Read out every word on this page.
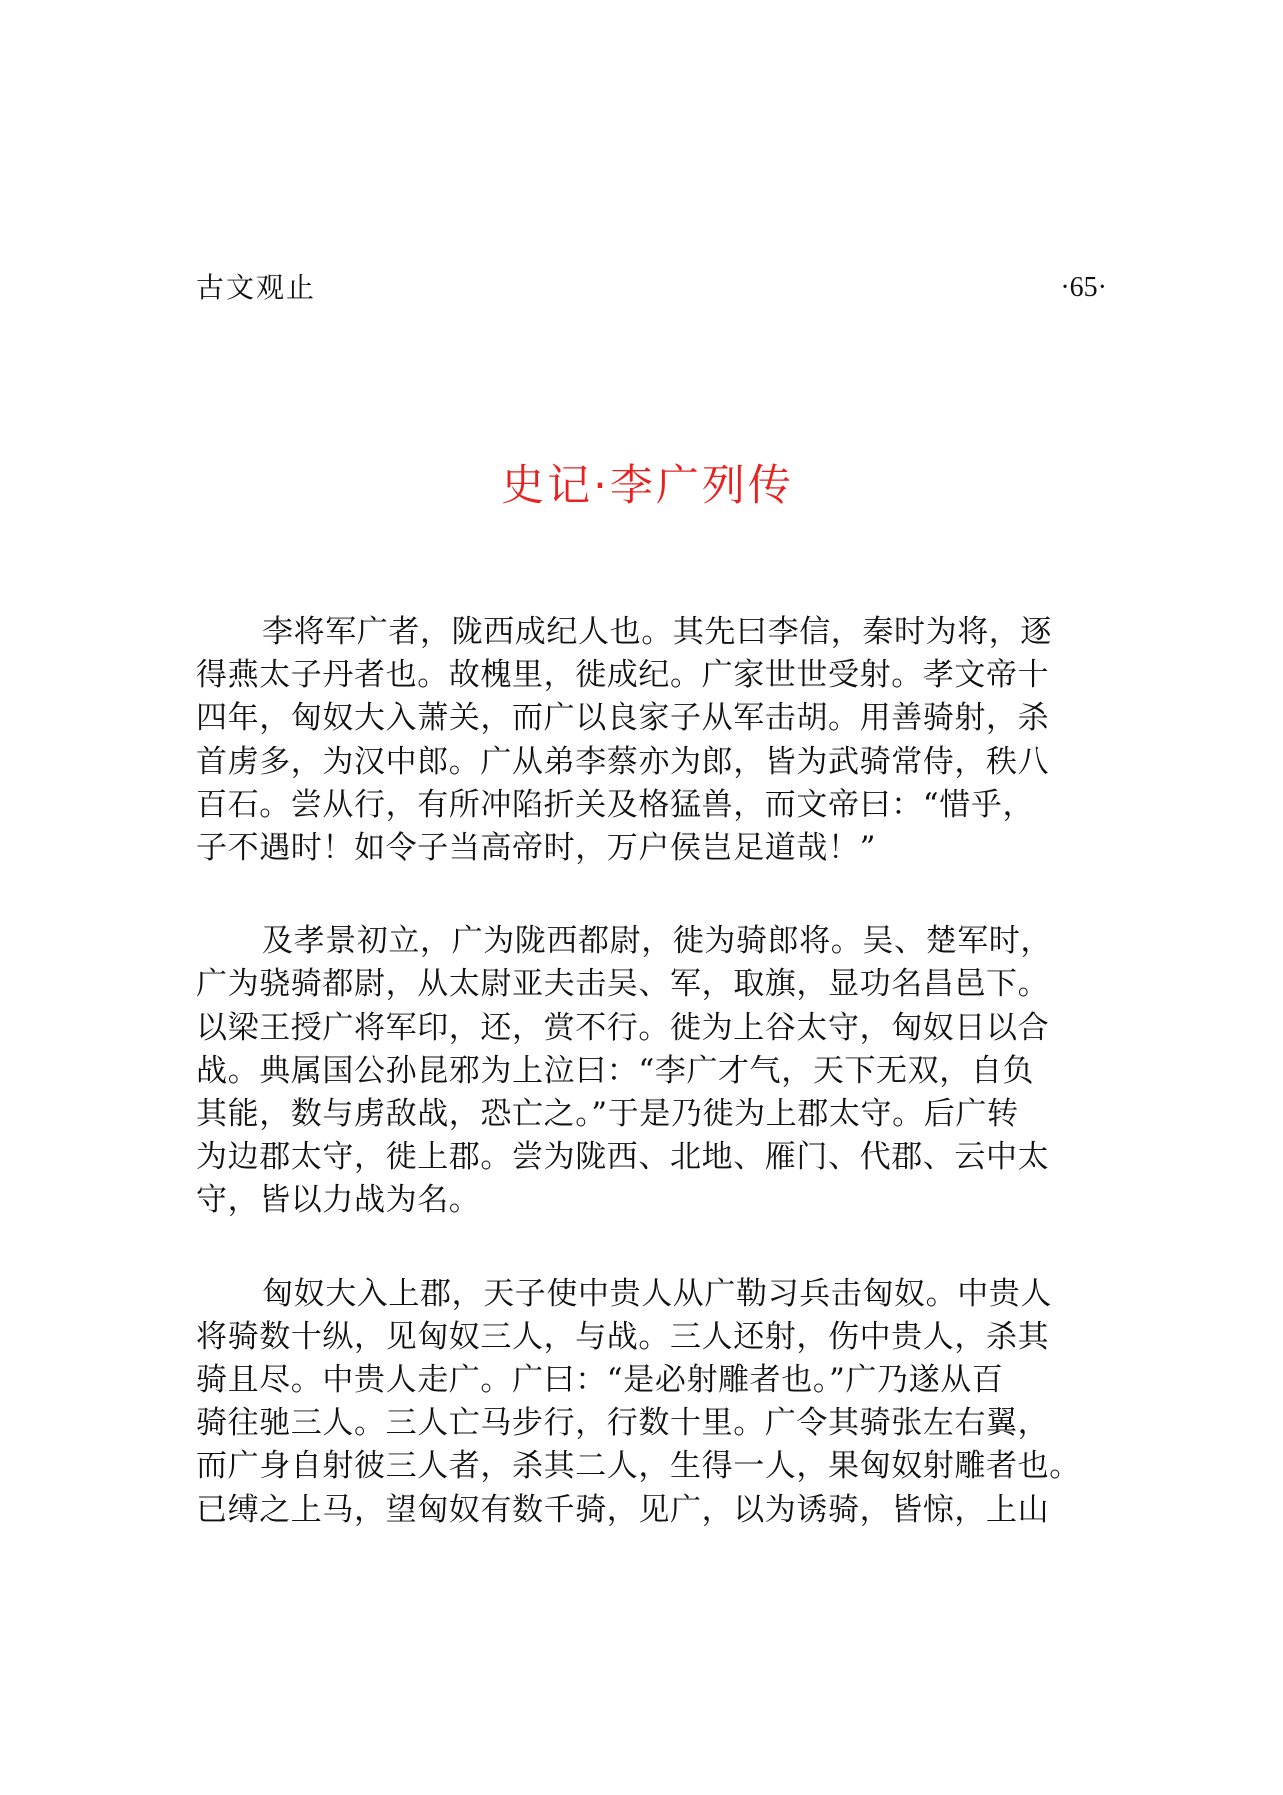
古文观止	·65·
史记·李广列传

李将军广者，陇西成纪人也。其先曰李信，秦时为将，逐
得燕太子丹者也。故槐里，徙成纪。广家世世受射。孝文帝十
四年，匈奴大入萧关，而广以良家子从军击胡。用善骑射，杀
首虏多，为汉中郎。广从弟李蔡亦为郎，皆为武骑常侍，秩八
百石。尝从行，有所冲陷折关及格猛兽，而文帝曰：“惜乎，
子不遇时！如令子当高帝时，万户侯岂足道哉！”

及孝景初立，广为陇西都尉，徙为骑郎将。吴、楚军时，
广为骁骑都尉，从太尉亚夫击吴、军，取旗，显功名昌邑下。
以梁王授广将军印，还，赏不行。徙为上谷太守，匈奴日以合
战。典属国公孙昆邪为上泣曰：“李广才气，天下无双，自负
其能，数与虏敌战，恐亡之。”于是乃徙为上郡太守。后广转
为边郡太守，徙上郡。尝为陇西、北地、雁门、代郡、云中太
守，皆以力战为名。

匈奴大入上郡，天子使中贵人从广勒习兵击匈奴。中贵人
将骑数十纵，见匈奴三人，与战。三人还射，伤中贵人，杀其
骑且尽。中贵人走广。广曰：“是必射雕者也。”广乃遂从百
骑往驰三人。三人亡马步行，行数十里。广令其骑张左右翼，
而广身自射彼三人者，杀其二人，生得一人，果匈奴射雕者也。
已缚之上马，望匈奴有数千骑，见广，以为诱骑，皆惊，上山
